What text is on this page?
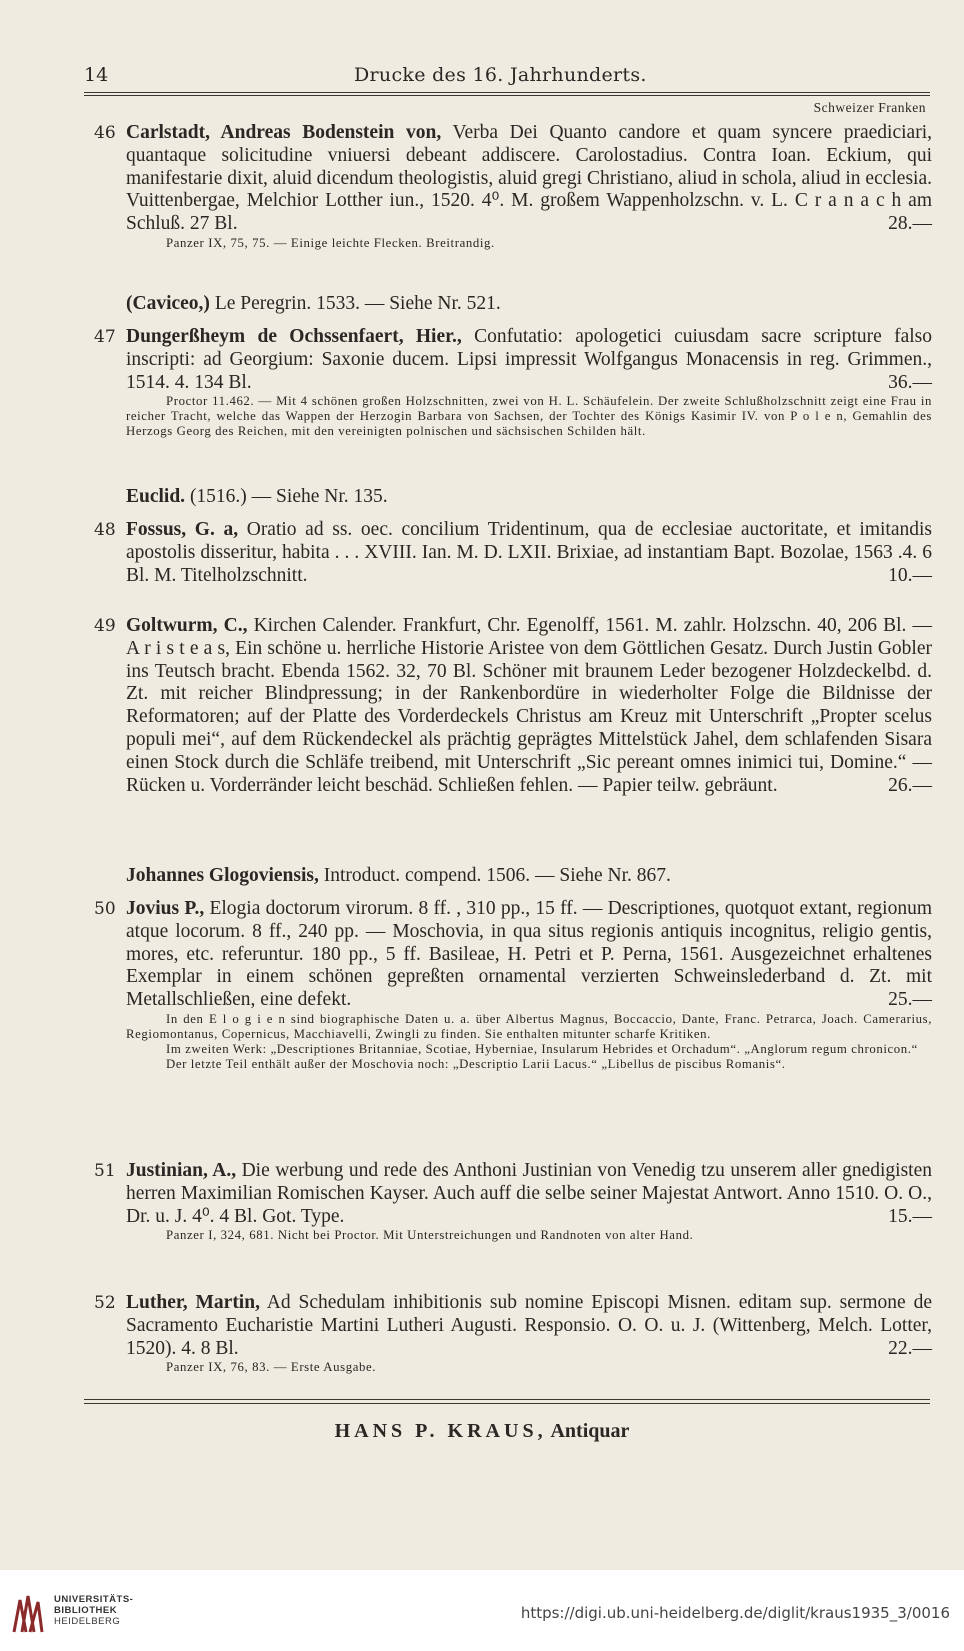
14	Drucke des 16. Jahrhunderts.
Schweizer Franken
46 Carlstadt, Andreas Bodenstein von, Verba Dei Quanto candore et quam syncere praediciari, quantaque solicitudine vniuersi debeant addiscere. Carolostadius. Contra Ioan. Eckium, qui manifestarie dixit, aluid dicendum theologistis, aluid gregi Christiano, aliud in schola, aliud in ecclesia. Vuittenbergae, Melchior Lotther iun., 1520. 4⁰. M. großem Wappenholzschn. v. L. C r a n a c h am Schluß. 27 Bl.	28.—

Panzer IX, 75, 75. — Einige leichte Flecken. Breitrandig.

(Caviceo,) Le Peregrin. 1533. — Siehe Nr. 521.

47 Dungerßheym de Ochssenfaert, Hier., Confutatio: apologetici cuiusdam sacre scripture falso inscripti: ad Georgium: Saxonie ducem. Lipsi impressit Wolfgangus Monacensis in reg. Grimmen., 1514. 4. 134 Bl.	36.—

Proctor 11.462. — Mit 4 schönen großen Holzschnitten, zwei von H. L. Schäufelein. Der zweite Schlußholzschnitt zeigt eine Frau in reicher Tracht, welche das Wappen der Herzogin Barbara von Sachsen, der Tochter des Königs Kasimir IV. von P o l e n, Gemahlin des Herzogs Georg des Reichen, mit den vereinigten polnischen und sächsischen Schilden hält.

Euclid. (1516.) — Siehe Nr. 135.

48 Fossus, G. a, Oratio ad ss. oec. concilium Tridentinum, qua de ecclesiae auctoritate, et imitandis apostolis disseritur, habita . . . XVIII. Ian. M. D. LXII. Brixiae, ad instantiam Bapt. Bozolae, 1563 .4. 6 Bl. M. Titelholzschnitt.	10.—

49 Goltwurm, C., Kirchen Calender. Frankfurt, Chr. Egenolff, 1561. M. zahlr. Holzschn. 40, 206 Bl. — A r i s t e a s, Ein schöne u. herrliche Historie Aristee von dem Göttlichen Gesatz. Durch Justin Gobler ins Teutsch bracht. Ebenda 1562. 32, 70 Bl. Schöner mit braunem Leder bezogener Holzdeckelbd. d. Zt. mit reicher Blindpressung; in der Rankenbordüre in wiederholter Folge die Bildnisse der Reformatoren; auf der Platte des Vorderdeckels Christus am Kreuz mit Unterschrift „Propter scelus populi mei“, auf dem Rückendeckel als prächtig geprägtes Mittelstück Jahel, dem schlafenden Sisara einen Stock durch die Schläfe treibend, mit Unterschrift „Sic pereant omnes inimici tui, Domine.“ — Rücken u. Vorderränder leicht beschäd. Schließen fehlen. — Papier teilw. gebräunt.	26.—

Johannes Glogoviensis, Introduct. compend. 1506. — Siehe Nr. 867.

50 Jovius P., Elogia doctorum virorum. 8 ff. , 310 pp., 15 ff. — Descriptiones, quotquot extant, regionum atque locorum. 8 ff., 240 pp. — Moschovia, in qua situs regionis antiquis incognitus, religio gentis, mores, etc. referuntur. 180 pp., 5 ff. Basileae, H. Petri et P. Perna, 1561. Ausgezeichnet erhaltenes Exemplar in einem schönen gepreßten ornamental verzierten Schweinslederband d. Zt. mit Metallschließen, eine defekt.	25.—

In den E l o g i e n sind biographische Daten u. a. über Albertus Magnus, Boccaccio, Dante, Franc. Petrarca, Joach. Camerarius, Regiomontanus, Copernicus, Macchiavelli, Zwingli zu finden. Sie enthalten mitunter scharfe Kritiken.

Im zweiten Werk: „Descriptiones Britanniae, Scotiae, Hyberniae, Insularum Hebrides et Orchadum“. „Anglorum regum chronicon.“

Der letzte Teil enthält außer der Moschovia noch: „Descriptio Larii Lacus.“ „Libellus de piscibus Romanis“.

51 Justinian, A., Die werbung und rede des Anthoni Justinian von Venedig tzu unserem aller gnedigisten herren Maximilian Romischen Kayser. Auch auff die selbe seiner Majestat Antwort. Anno 1510. O. O., Dr. u. J. 4⁰. 4 Bl. Got. Type.	15.—

Panzer I, 324, 681. Nicht bei Proctor. Mit Unterstreichungen und Randnoten von alter Hand.

52 Luther, Martin, Ad Schedulam inhibitionis sub nomine Episcopi Misnen. editam sup. sermone de Sacramento Eucharistie Martini Lutheri Augusti. Responsio. O. O. u. J. (Wittenberg, Melch. Lotter, 1520). 4. 8 Bl.	22.—

Panzer IX, 76, 83. — Erste Ausgabe.

HANS P. KRAUS, Antiquar
UNIVERSITÄTS-
BIBLIOTHEK
HEIDELBERG	https://digi.ub.uni-heidelberg.de/diglit/kraus1935_3/0016
